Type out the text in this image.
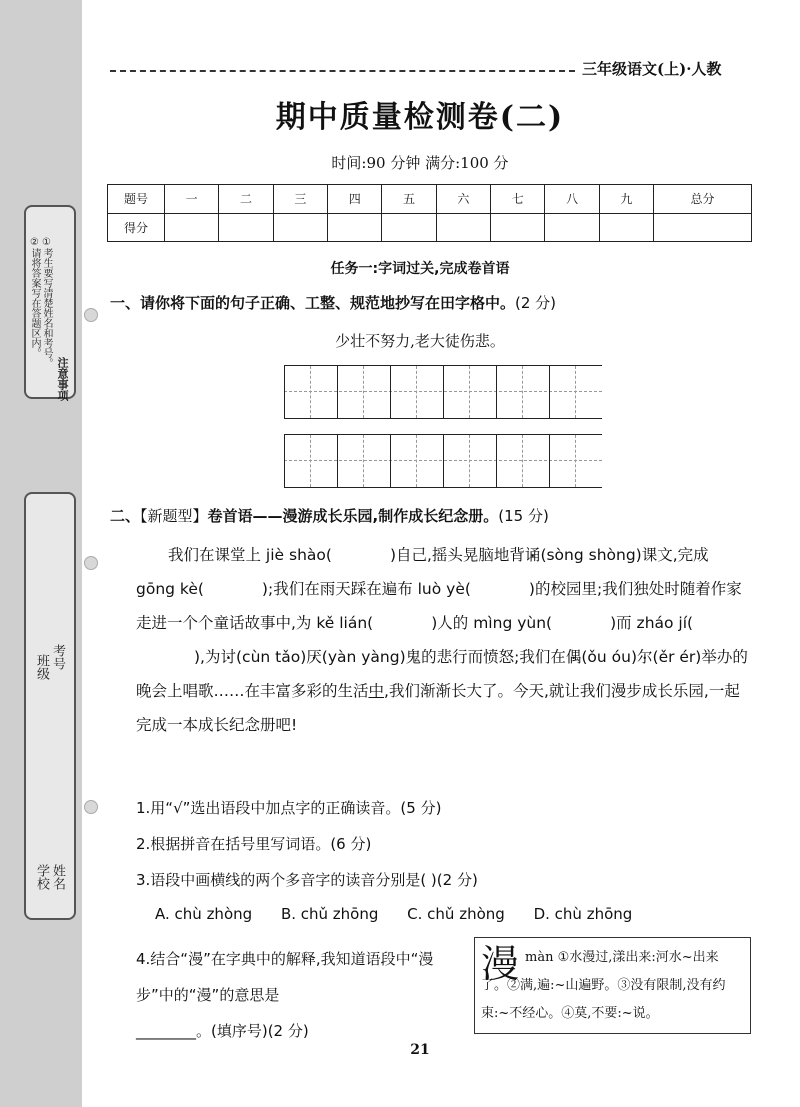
注意事项
①考生要写清楚姓名和考号。
②请将答案写在答题区内。
班级 考号
学校 姓名
三年级语文(上)·人教
期中质量检测卷(二)
时间:90 分钟 满分:100 分
题号	一	二	三	四	五	六	七	八	九	总分
得分										
任务一:字词过关,完成卷首语
一、请你将下面的句子正确、工整、规范地抄写在田字格中。(2 分)
少壮不努力,老大徒伤悲。
二、【新题型】卷首语——漫游成长乐园,制作成长纪念册。(15 分)
我们在课堂上 jiè shào(	)自己,摇头晃脑地背诵 •(sòng shòng)课文,完成 gōng kè(	);我们在雨天踩在遍布 luò yè(	)的校园里;我们独处时随着作家走进一个个童话故事中,为 kě lián(	)人的 mìng yùn(	)而 zháo jí(),为讨 •(cùn tǎo)厌 •(yàn yàng)鬼的悲行而愤怒;我们在偶 •(ǒu óu)尔 •(ěr ér)举办的晚会上唱歌……在丰富多彩的生活中,我们渐渐长大了。今天,就让我们漫步成长乐园,一起完成一本成长纪念册吧!
1.用“√”选出语段中加点字的正确读音。(5 分)
2.根据拼音在括号里写词语。(6 分)
3.语段中画横线的两个多音字的读音分别是( )(2 分)
A. chù zhòng B. chǔ zhōng C. chǔ zhòng D. chù zhōng
4.结合“漫”在字典中的解释,我知道语段中“漫步”中的“漫”的意思是
________。(填序号)(2 分)
漫 màn ①水漫过,漾出来:河水~出来了。②满,遍:~山遍野。③没有限制,没有约束:~不经心。④莫,不要:~说。
21
